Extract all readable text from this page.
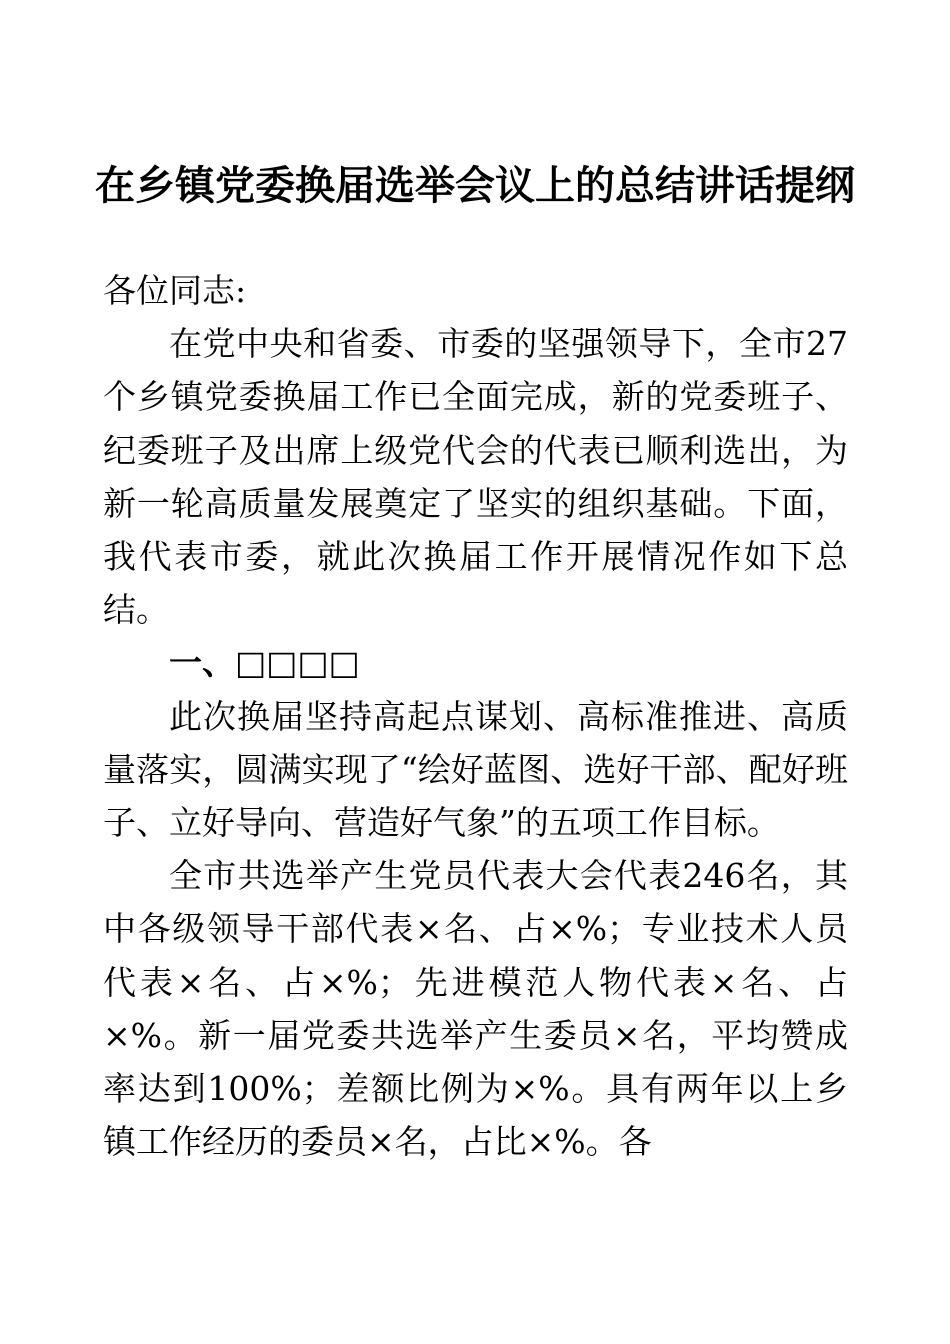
在乡镇党委换届选举会议上的总结讲话提纲

各位同志:

在党中央和省委、市委的坚强领导下，全市27个乡镇党委换届工作已全面完成，新的党委班子、纪委班子及出席上级党代会的代表已顺利选出，为新一轮高质量发展奠定了坚实的组织基础。下面，我代表市委，就此次换届工作开展情况作如下总结。

一、□□□□

此次换届坚持高起点谋划、高标准推进、高质量落实，圆满实现了“绘好蓝图、选好干部、配好班子、立好导向、营造好气象”的五项工作目标。

全市共选举产生党员代表大会代表246名，其中各级领导干部代表×名、占×%；专业技术人员代表×名、占×%；先进模范人物代表×名、占×%。新一届党委共选举产生委员×名，平均赞成率达到100%；差额比例为×%。具有两年以上乡镇工作经历的委员×名，占比×%。各
